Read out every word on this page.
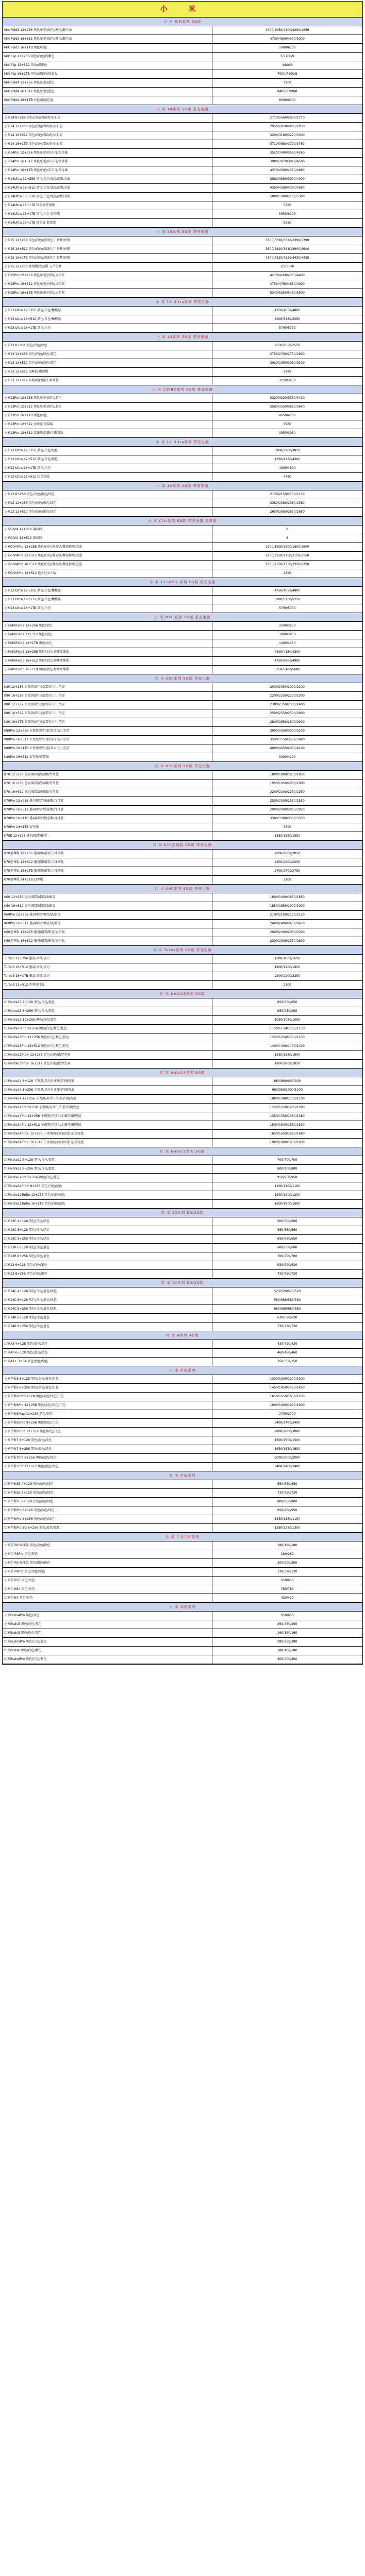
小 米
小 米 数码系列 5G版
MIX Fold3 12+256 黑色/白色/绿色/橙色/翻个面	4000/4050/4100/4200/4250
MIX Fold3 16+512 黑色/白色/绿色/橙色/翻个面	4700/4800/4900/5000
MIX Fold3 16+1TB 黑色/白色	5900/6100
MIX Flip 12+256 黑色/白色/浅紫色	3/7700/9
MIX Flip 12+512 黑色/浅紫色	4/8000
MIX Flip 16+1TB 黑色/浅紫色/炫彩版	7000/7100/8
MIX Fold4 12+256 黑色/白色/蓝色	7900
MIX Fold4 16+512 黑色/白色/蓝色	8400/8700/8
MIX Fold4 16+1TB 白色/深蓝色版	8900/9100
小 米 14系列 5G版 带充电器
小米14 8+256 黑色/白色/雪山粉/岩石青	2770/2660/2690/2770
小米14 12+256 黑色/白色/雪山粉/岩石青	2950/2850/2880/2950
小米14 16+512 黑色/白色/雪山粉/岩石青	3290/3180/3220/3300
小米14 16+1TB 黑色/白色/雪山粉/岩石青	3710/3680/3700/3760
小米14Pro 12+256 黑色/白色/岩石青/钛金属	3520/3400/3560/4260
小米14Pro 16+512 黑色/白色/岩石青/钛金属	3980/3970/3990/4500
小米14Pro 16+1TB 黑色/白色/岩石青/钛金属	4370/4360/4370/4980
小米14Ultra 12+256 黑色/白色/龙晶蓝/钛金属	3880/3880/3900/4000
小米14Ultra 16+512 黑色/白色/龙晶蓝/钛金属	4390/4380/4390/4580
小米14Ultra 16+1TB 黑色/白色/龙晶蓝/钛金属	5000/5000/5100/5300
小米14Ultra 16+1TB 钛金属特别版	5780
小米14Ultra 16+1TB 黑色/白色 套装版	5950/6100
小米14Ultra 16+1TB 钛金属 套装版	6350
小 米 15系列 5G版 带充电器
小米15 12+256 黑色/白色/浅绿色/丁香紫/亮银	3300/3320/3320/3390/3390
小米15 16+512 黑色/白色/浅绿色/丁香紫/亮银	3800/3810/3810/3900/3900
小米15 16+1TB 黑色/白色/浅绿色/丁香紫/亮银	4300/4320/4320/4430/4430
小米15 12+256 亮银版/龙晶版 五岳定制	3/3/3590
小米15Pro 12+256 黑色/白色/亮银/岩石灰	4270/4260/4350/4400
小米15Pro 16+512 黑色/白色/亮银/岩石灰	4750/4760/4850/4900
小米15Pro 16+1TB 黑色/白色/亮银/岩石灰	5340/5350/5450/5500
小 米 13 Ultra系列 带充电器
小米13 Ultra 12+256 黑色/白色/橄榄绿	4750/4650/4800
小米13 Ultra 16+512 黑色/白色/橄榄绿	5200/5150/5250
小米13 Ultra 16+1TB 黑色/白色	5700/5750
小 米 13系列 5G版 带充电器
小米13 8+256 黑色/白色/绿色	2550/2550/2550
小米13 12+256 黑色/白色/绿色/蓝色	2750/2700/2750/2800
小米13 12+512 黑色/白色/绿色/蓝色	3030/2950/3030/3100
小米13 12+512 远峰蓝 限量版	3290
小米13 12+512 纹路黑/纹路白 限量版	3250/3250
小 米 13PRO系列 5G版 带充电器
小米13Pro 12+256 黑色/白色/绿色/蓝色	3320/3320/3360/3420
小米13Pro 12+512 黑色/白色/绿色/蓝色	3560/3550/3610/3640
小米13Pro 16+1TB 黑色/白色	4050/4100
小米13Pro 12+512 远峰蓝 限量版	3960
小米13Pro 12+512 纹路黑/纹路白 限量版	3950/3950
小 米 12 Ultra系列 带充电器
小米12 Ultra 12+256 黑色/白色/银色	3900/3900/3950
小米12 Ultra 12+512 黑色/白色/银色	4250/4250/4300
小米12 Ultra 16+1TB 黑色/白色	4800/4800
小米12 Ultra 12+512 钛合金版	4780
小 米 12系列 5G版 带充电器
小米12 8+256 黑色/白色/紫色/绿色	2150/2150/2150/2150
小米12 12+256 黑色/白色/紫色/绿色	2380/2380/2380/2380
小米12 12+512 黑色/白色/紫色/绿色	2650/2650/2650/2650
小 米 CIVI系列 5G版 带充电器 直播版
小米CIVI4 12+256 薄荷绿	8
小米CIVI4 12+512 薄荷绿	8
小米CIVI4Pro 12+256 黑色/白色/薄荷绿/樱花粉/星空蓝	1900/1900/1900/1900/1900
小米CIVI4Pro 12+512 黑色/白色/薄荷绿/樱花粉/星空蓝	2150/2150/2150/2150/2150
小米CIVI4Pro 16+512 黑色/白色/薄荷绿/樱花粉/星空蓝	2350/2350/2350/2350/2350
小米CIVI4Pro 12+512 迪士尼公主版	2490
小 米 13 Ultra 系列 5G版 带充电器
小米13 Ultra 12+256 黑色/白色/橄榄绿	4750/4650/4800
小米13 Ultra 16+512 黑色/白色/橄榄绿	5200/5150/5250
小米13 Ultra 16+1TB 黑色/白色	5700/5750
小 米 MIX 系列 5G版 带充电器
小米MIXFold2 12+256 黑色/金色	3500/3550
小米MIXFold2 12+512 黑色/金色	3900/3950
小米MIXFold2 12+1TB 黑色/金色	4400/4450
小米MIXFold3 12+256 黑色/金色/龙鳞纤维版	4100/4150/4300
小米MIXFold3 16+512 黑色/金色/龙鳞纤维版	4750/4800/4900
小米MIXFold3 16+1TB 黑色/金色/龙鳞纤维版	5350/5400/5600
红 米 K80系列 5G版 带充电器
K80 12+256 玄夜黑/汐月蓝/雪岩白/山峦青	2000/2050/2000/2100
K80 16+256 玄夜黑/汐月蓝/雪岩白/山峦青	2200/2250/2200/2300
K80 12+512 玄夜黑/汐月蓝/雪岩白/山峦青	2300/2350/2300/2400
K80 16+512 玄夜黑/汐月蓝/雪岩白/山峦青	2500/2550/2500/2600
K80 16+1TB 玄夜黑/汐月蓝/雪岩白/山峦青	2800/2850/2800/2900
K80Pro 12+256 玄夜黑/汐月蓝/雪岩白/山峦青	3000/3050/3000/3100
K80Pro 16+512 玄夜黑/汐月蓝/雪岩白/山峦青	3500/3550/3500/3600
K80Pro 16+1TB 玄夜黑/汐月蓝/雪岩白/山峦青	4000/4050/4000/4100
K80Pro 16+512 冠军版/赛道版	3900/4200
红 米 K70系列 5G版 带充电器
K70 12+256 墨羽/晴雪/浅茄紫/竹月蓝	1800/1800/1850/1850
K70 16+256 墨羽/晴雪/浅茄紫/竹月蓝	1950/1950/2000/2000
K70 16+512 墨羽/晴雪/浅茄紫/竹月蓝	2200/2200/2250/2250
K70Pro 12+256 墨羽/晴雪/浅茄紫/竹月蓝	2500/2500/2550/2550
K70Pro 16+512 墨羽/晴雪/浅茄紫/竹月蓝	2900/2900/2950/2950
K70Pro 16+1TB 墨羽/晴雪/浅茄紫/竹月蓝	3300/3300/3350/3350
K70Pro 24+1TB 冠军版	3700
K70E 12+256 墨羽/晴雪/影青	1550/1550/1550
红 米 K70至尊版 5G版 带充电器
K70至尊版 12+256 墨羽黑/晴雪白/冰璃蓝	2000/2000/2050
K70至尊版 12+512 墨羽黑/晴雪白/冰璃蓝	2200/2200/2250
K70至尊版 16+1TB 墨羽黑/晴雪白/冰璃蓝	2700/2700/2750
K70至尊版 24+1TB 冠军版	3100
红 米 K60系列 5G版 带充电器
K60 12+256 墨羽/晴雪/素皮绿/影青	1600/1600/1650/1650
K60 16+512 墨羽/晴雪/素皮绿/影青	1850/1850/1900/1900
K60Pro 12+256 墨羽/晴雪/素皮绿/影青	2100/2100/2150/2150
K60Pro 16+512 墨羽/晴雪/素皮绿/影青	2400/2400/2450/2450
K60至尊版 12+256 墨羽/晴雪/影青/冠军版	2000/2000/2050/2300
K60至尊版 16+512 墨羽/晴雪/影青/冠军版	2300/2300/2350/2600
红 米 Turbo系列 5G版 带充电器
Turbo3 12+256 墨晶/冰钛/青刃	1600/1600/1650
Turbo3 16+512 墨晶/冰钛/青刃	1900/1900/1950
Turbo3 16+1TB 墨晶/冰钛/青刃	2200/2200/2250
Turbo3 12+512 哈利波特版	2100
红 米 Note13系列 5G版
红米Note13 8+128 黑色/白色/蓝色	850/850/850
红米Note13 8+256 黑色/白色/蓝色	950/950/950
红米Note13 12+256 黑色/白色/蓝色	1050/1050/1050
红米Note13Pro 8+256 黑色/白色/紫色/蓝色	1150/1150/1150/1150
红米Note13Pro 12+256 黑色/白色/紫色/蓝色	1250/1250/1250/1250
红米Note13Pro 12+512 黑色/白色/紫色/蓝色	1400/1400/1400/1400
红米Note13Pro+ 12+256 黑色/白色/浅梦空间	1550/1550/1600
红米Note13Pro+ 16+512 黑色/白色/浅梦空间	1800/1800/1850
红 米 Note14系列 5G版
红米Note14 8+128 子夜黑/星沙白/幻影青/镜瓷蓝	880/880/900/900
红米Note14 8+256 子夜黑/星沙白/幻影青/镜瓷蓝	980/980/1000/1000
红米Note14 12+256 子夜黑/星沙白/幻影青/镜瓷蓝	1080/1080/1100/1100
红米Note14Pro 8+256 子夜黑/星沙白/幻影青/镜瓷蓝	1250/1250/1280/1280
红米Note14Pro 12+256 子夜黑/星沙白/幻影青/镜瓷蓝	1350/1350/1380/1380
红米Note14Pro 12+512 子夜黑/星沙白/幻影青/镜瓷蓝	1500/1500/1530/1530
红米Note14Pro+ 12+256 子夜黑/星沙白/幻影青/镜瓷蓝	1650/1650/1680/1680
红米Note14Pro+ 16+512 子夜黑/星沙白/幻影青/镜瓷蓝	1900/1900/1930/1930
红 米 Note12系列 5G版
红米Note12 6+128 黑色/白色/蓝色	700/700/700
红米Note12 8+256 黑色/白色/蓝色	800/800/800
红米Note12Pro 8+256 黑色/白色/蓝色	950/950/950
红米Note12Pro+ 8+256 黑色/白色/蓝色	1100/1100/1100
红米Note12Turbo 12+256 黑色/白色/蓝色	1200/1200/1200
红米Note12Turbo 16+1TB 黑色/白色/蓝色	1600/1600/1600
红 米 13系列 5G/4G版
红米13C 4+128 黑色/白色/绿色	500/500/500
红米13C 6+128 黑色/白色/绿色	560/560/560
红米13C 8+256 黑色/白色/绿色	650/650/650
红米13R 6+128 黑色/白色/蓝色	600/600/600
红米13R 8+256 黑色/白色/蓝色	700/700/700
红米13 6+128 黑色/白色/紫色	620/620/620
红米13 8+256 黑色/白色/紫色	720/720/720
红 米 14系列 5G/4G版
红米14C 4+128 黑色/白色/蓝色/绿色	520/520/520/520
红米14C 6+128 黑色/白色/蓝色/绿色	580/580/580/580
红米14C 8+256 黑色/白色/蓝色/绿色	680/680/680/680
红米14R 6+128 黑色/白色/蓝色	620/620/620
红米14R 8+256 黑色/白色/蓝色	720/720/720
红 米 A系列 4G版
红米A3 4+128 黑色/蓝色/绿色	420/420/420
红米A3 6+128 黑色/蓝色/绿色	460/460/460
红米A2+ 3+64 黑色/蓝色/绿色	350/350/350
小 米 平板系列
小米平板6 8+128 黑色/金色/蓝色/白色	1300/1300/1300/1300
小米平板6 8+256 黑色/金色/蓝色/白色	1450/1450/1450/1450
小米平板6Pro 8+128 黑色/金色/绿色/白色	1650/1650/1650/1650
小米平板6Pro 12+256 黑色/金色/绿色/白色	1900/1900/1900/1900
小米平板6Max 12+256 黑色/银色	2700/2700
小米平板6SPro 8+256 黑色/绿色/白色	2400/2400/2400
小米平板6SPro 12+512 黑色/绿色/白色	2800/2800/2800
小米平板7 8+128 黑色/蓝色/绿色	1500/1500/1500
小米平板7 8+256 黑色/蓝色/绿色	1650/1650/1650
小米平板7Pro 8+256 黑色/蓝色/绿色	2000/2000/2000
小米平板7Pro 12+512 黑色/蓝色/绿色	2400/2400/2400
红 米 平板系列
红米平板SE 4+128 灰色/蓝色/绿色	650/650/650
红米平板SE 6+128 灰色/蓝色/绿色	720/720/720
红米平板SE 8+128 灰色/蓝色/绿色	800/800/800
红米平板Pro 6+128 灰色/蓝色/绿色	950/950/950
红米平板Pro 8+256 灰色/蓝色/绿色	1150/1150/1150
红米平板Pro 5G 8+256 灰色/蓝色/绿色	1350/1350/1350
小 米 手表手环系列
小米手环8 标准版 黑色/金色/粉色	180/180/180
小米手环8Pro 黑色/灰色	280/280
小米手环9 标准版 黑色/银色/粉色	200/200/200
小米手环9Pro 黑色/银色/金色	320/320/320
小米手表S3 黑色/银色	650/650
小米手表S4 黑色/银色	780/780
红米手表4 黑色/银色	420/420
小 米 耳机系列
小米Buds4Pro 黑色/金色	650/650
小米Buds5 黑色/白色/蓝色	450/450/450
红米Buds5 黑色/白色/蓝色	160/160/160
红米Buds5Pro 黑色/白色/蓝色	280/280/280
红米Buds6 黑色/白色/紫色	180/180/180
红米Buds6Pro 黑色/白色/紫色	300/300/300
